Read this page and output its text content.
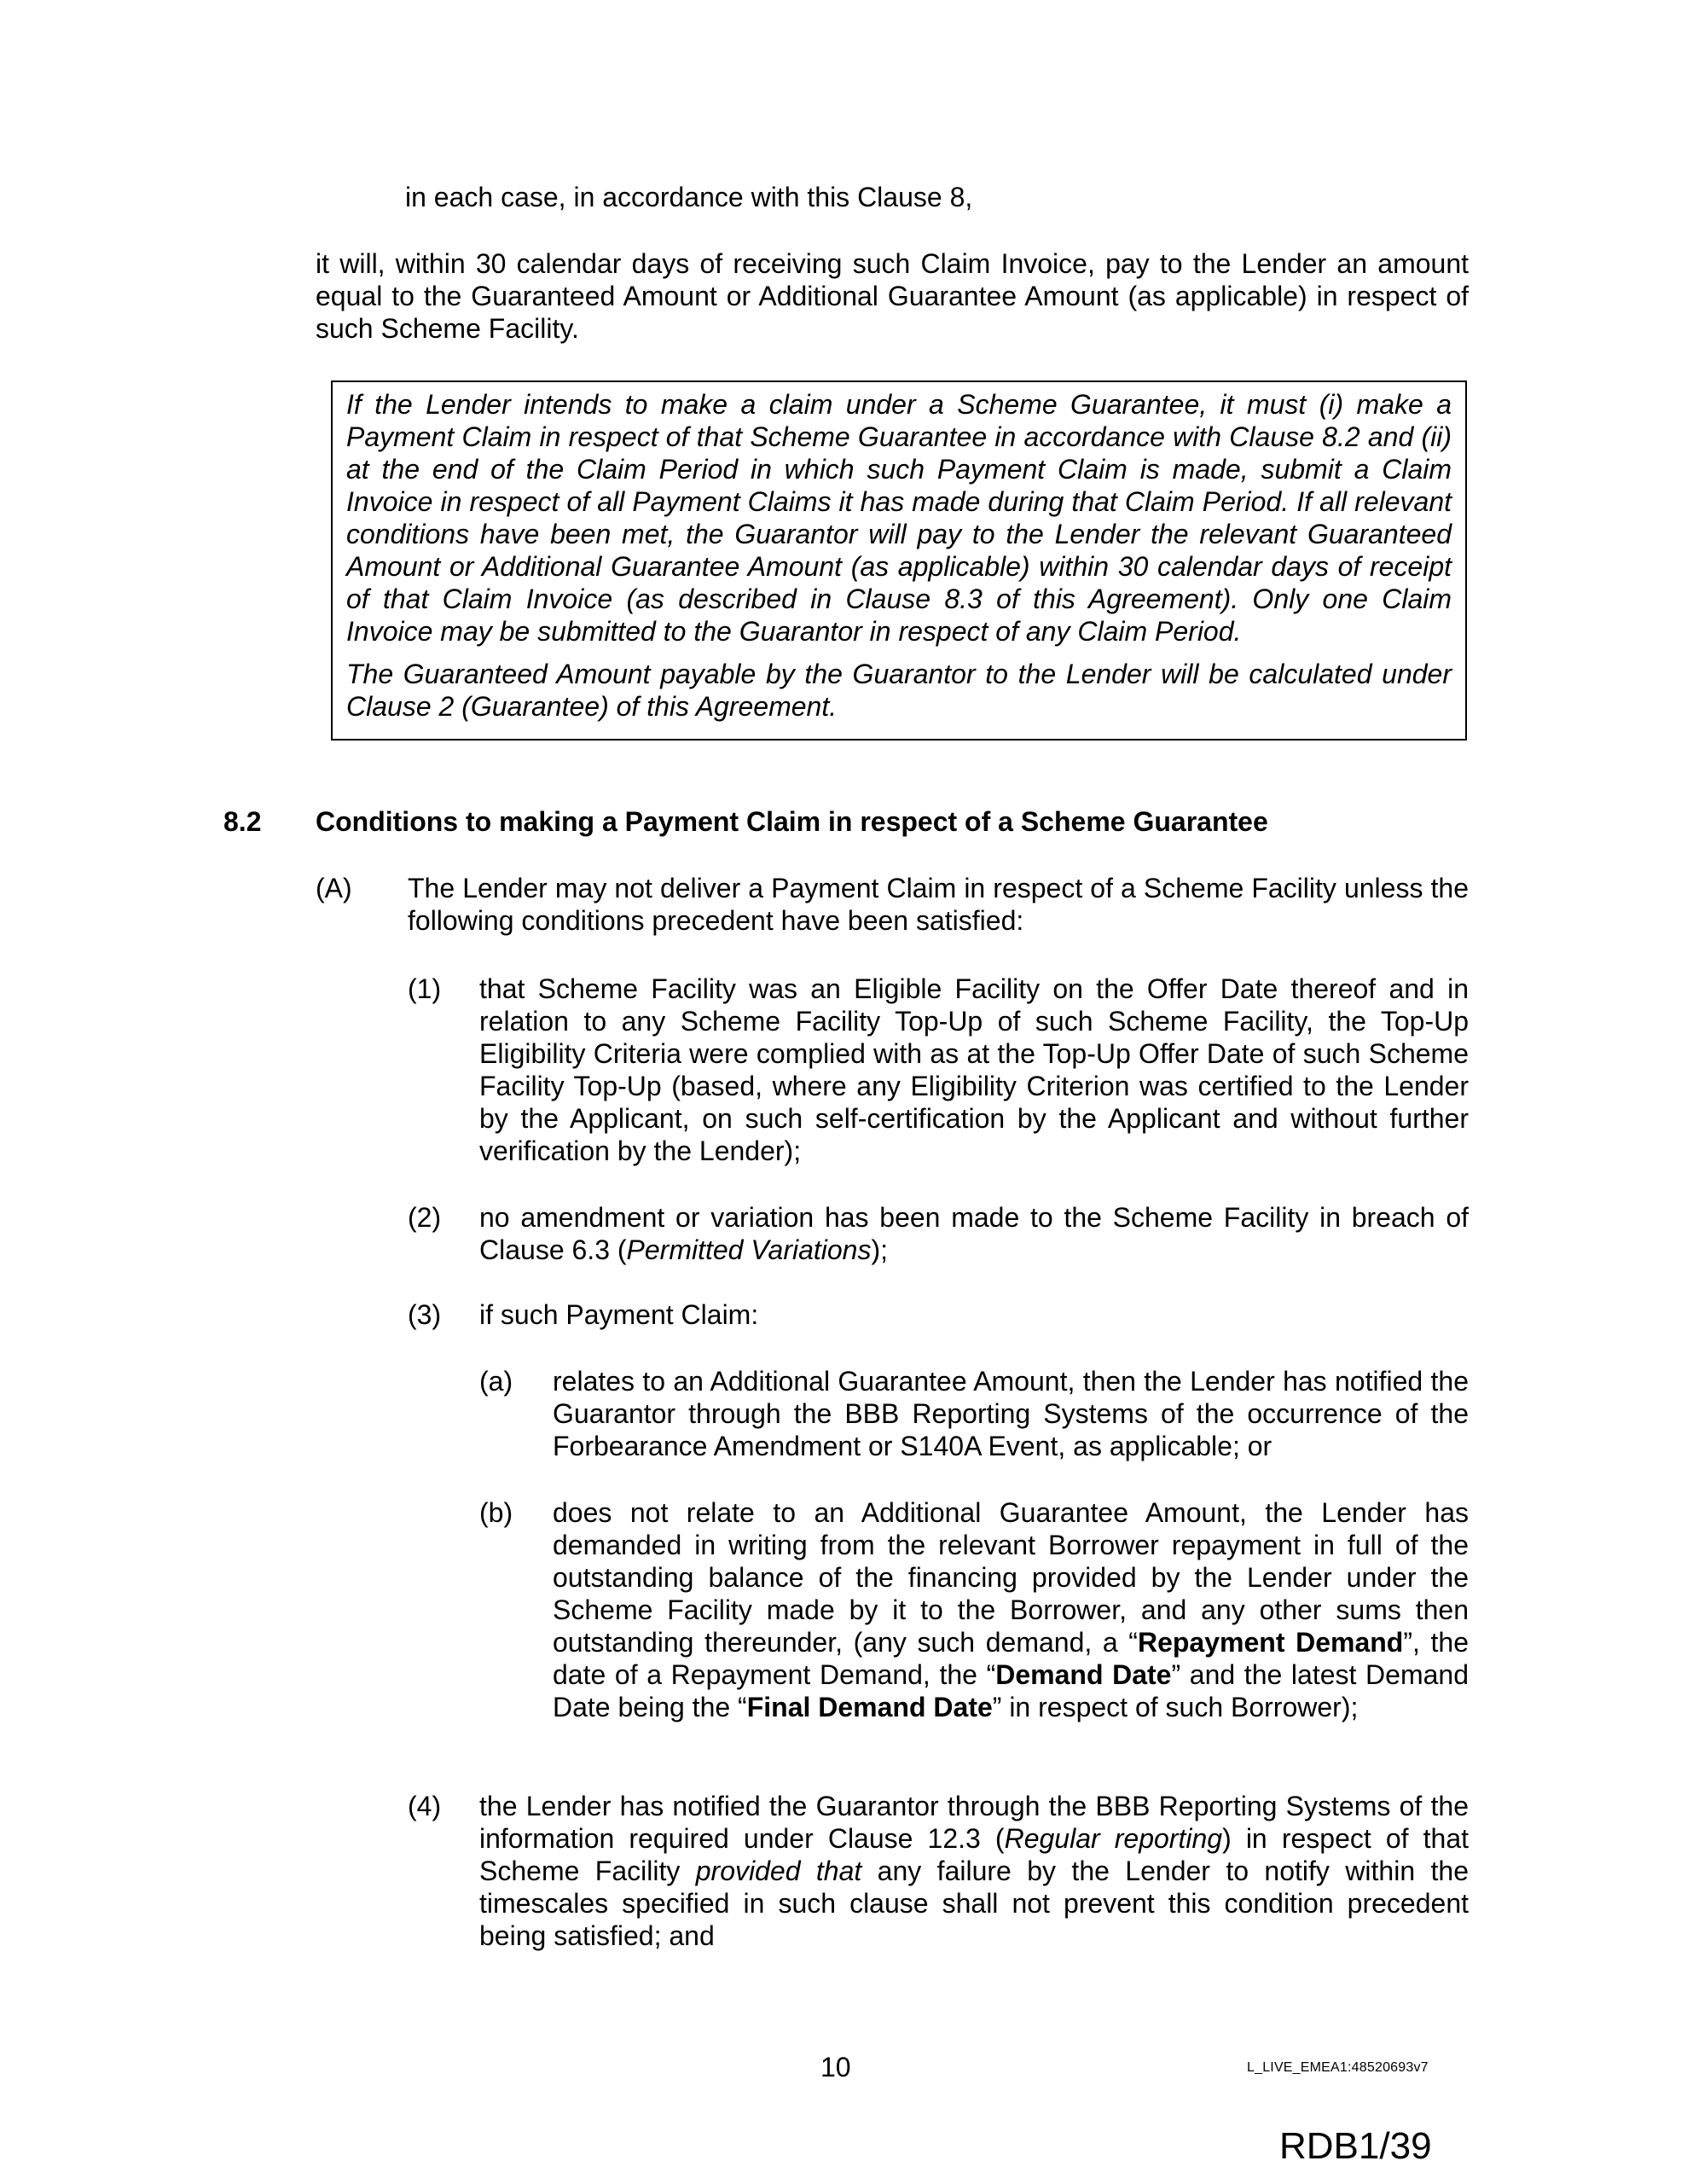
in each case, in accordance with this Clause 8,

it will, within 30 calendar days of receiving such Claim Invoice, pay to the Lender an amount equal to the Guaranteed Amount or Additional Guarantee Amount (as applicable) in respect of such Scheme Facility.

If the Lender intends to make a claim under a Scheme Guarantee, it must (i) make a Payment Claim in respect of that Scheme Guarantee in accordance with Clause 8.2 and (ii) at the end of the Claim Period in which such Payment Claim is made, submit a Claim Invoice in respect of all Payment Claims it has made during that Claim Period. If all relevant conditions have been met, the Guarantor will pay to the Lender the relevant Guaranteed Amount or Additional Guarantee Amount (as applicable) within 30 calendar days of receipt of that Claim Invoice (as described in Clause 8.3 of this Agreement). Only one Claim Invoice may be submitted to the Guarantor in respect of any Claim Period.

The Guaranteed Amount payable by the Guarantor to the Lender will be calculated under Clause 2 (Guarantee) of this Agreement.

8.2 Conditions to making a Payment Claim in respect of a Scheme Guarantee
(A) The Lender may not deliver a Payment Claim in respect of a Scheme Facility unless the following conditions precedent have been satisfied:

(1) that Scheme Facility was an Eligible Facility on the Offer Date thereof and in relation to any Scheme Facility Top-Up of such Scheme Facility, the Top-Up Eligibility Criteria were complied with as at the Top-Up Offer Date of such Scheme Facility Top-Up (based, where any Eligibility Criterion was certified to the Lender by the Applicant, on such self-certification by the Applicant and without further verification by the Lender);

(2) no amendment or variation has been made to the Scheme Facility in breach of Clause 6.3 (Permitted Variations);

(3) if such Payment Claim:

(a) relates to an Additional Guarantee Amount, then the Lender has notified the Guarantor through the BBB Reporting Systems of the occurrence of the Forbearance Amendment or S140A Event, as applicable; or

(b) does not relate to an Additional Guarantee Amount, the Lender has demanded in writing from the relevant Borrower repayment in full of the outstanding balance of the financing provided by the Lender under the Scheme Facility made by it to the Borrower, and any other sums then outstanding thereunder, (any such demand, a “Repayment Demand”, the date of a Repayment Demand, the “Demand Date” and the latest Demand Date being the “Final Demand Date” in respect of such Borrower);

(4) the Lender has notified the Guarantor through the BBB Reporting Systems of the information required under Clause 12.3 (Regular reporting) in respect of that Scheme Facility provided that any failure by the Lender to notify within the timescales specified in such clause shall not prevent this condition precedent being satisfied; and

10	L_LIVE_EMEA1:48520693v7
RDB1/39
